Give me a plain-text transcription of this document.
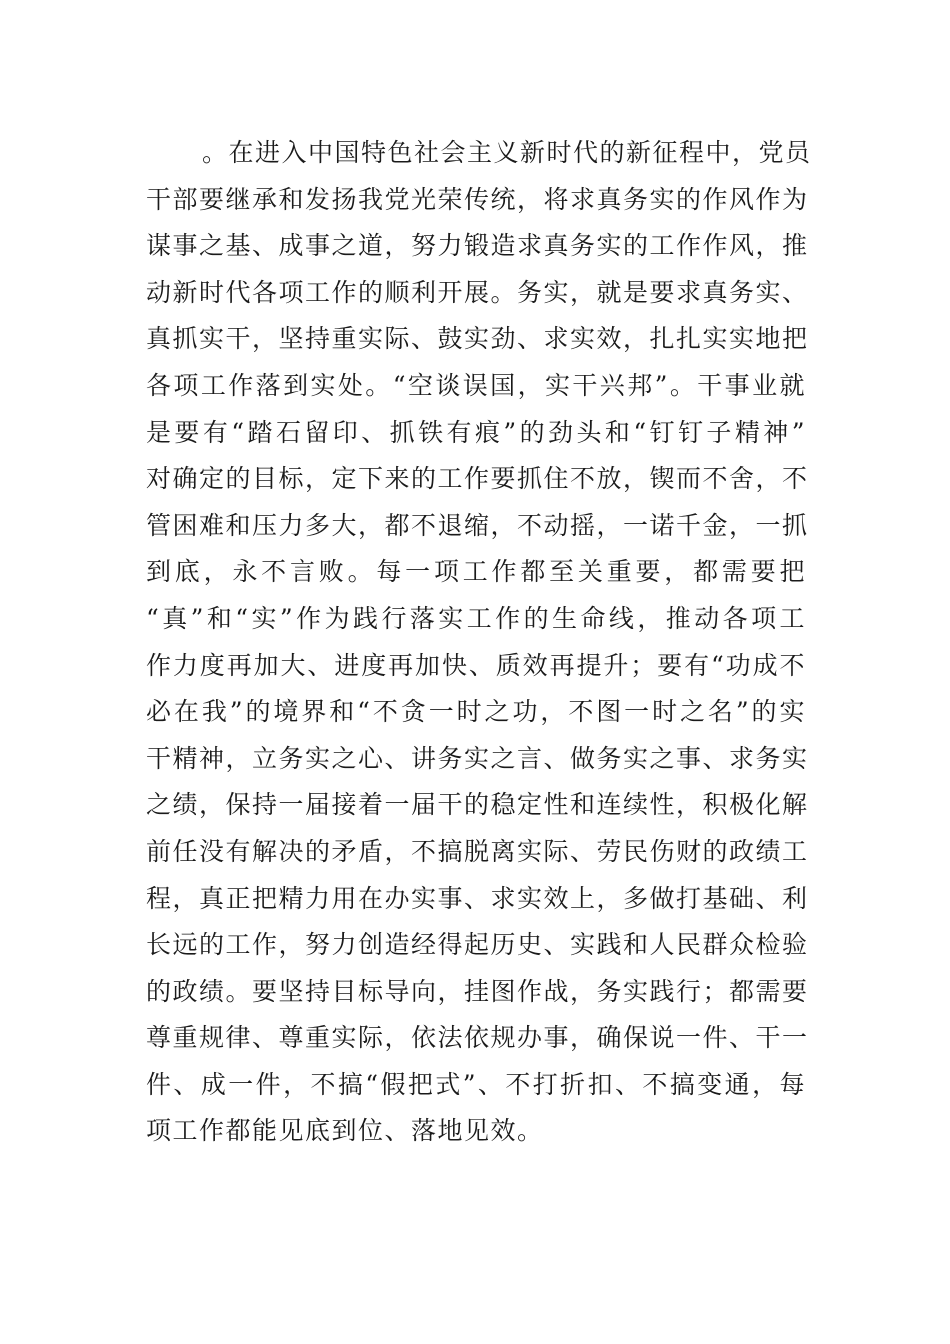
。在进入中国特色社会主义新时代的新征程中，党员
干部要继承和发扬我党光荣传统，将求真务实的作风作为
谋事之基、成事之道，努力锻造求真务实的工作作风，推
动新时代各项工作的顺利开展。务实，就是要求真务实、
真抓实干，坚持重实际、鼓实劲、求实效，扎扎实实地把
各项工作落到实处。“空谈误国，实干兴邦”。干事业就
是要有“踏石留印、抓铁有痕”的劲头和“钉钉子精神”
对确定的目标，定下来的工作要抓住不放，锲而不舍，不
管困难和压力多大，都不退缩，不动摇，一诺千金，一抓
到底，永不言败。每一项工作都至关重要，都需要把
“真”和“实”作为践行落实工作的生命线，推动各项工
作力度再加大、进度再加快、质效再提升；要有“功成不
必在我”的境界和“不贪一时之功，不图一时之名”的实
干精神，立务实之心、讲务实之言、做务实之事、求务实
之绩，保持一届接着一届干的稳定性和连续性，积极化解
前任没有解决的矛盾，不搞脱离实际、劳民伤财的政绩工
程，真正把精力用在办实事、求实效上，多做打基础、利
长远的工作，努力创造经得起历史、实践和人民群众检验
的政绩。要坚持目标导向，挂图作战，务实践行；都需要
尊重规律、尊重实际，依法依规办事，确保说一件、干一
件、成一件，不搞“假把式”、不打折扣、不搞变通，每
项工作都能见底到位、落地见效。
